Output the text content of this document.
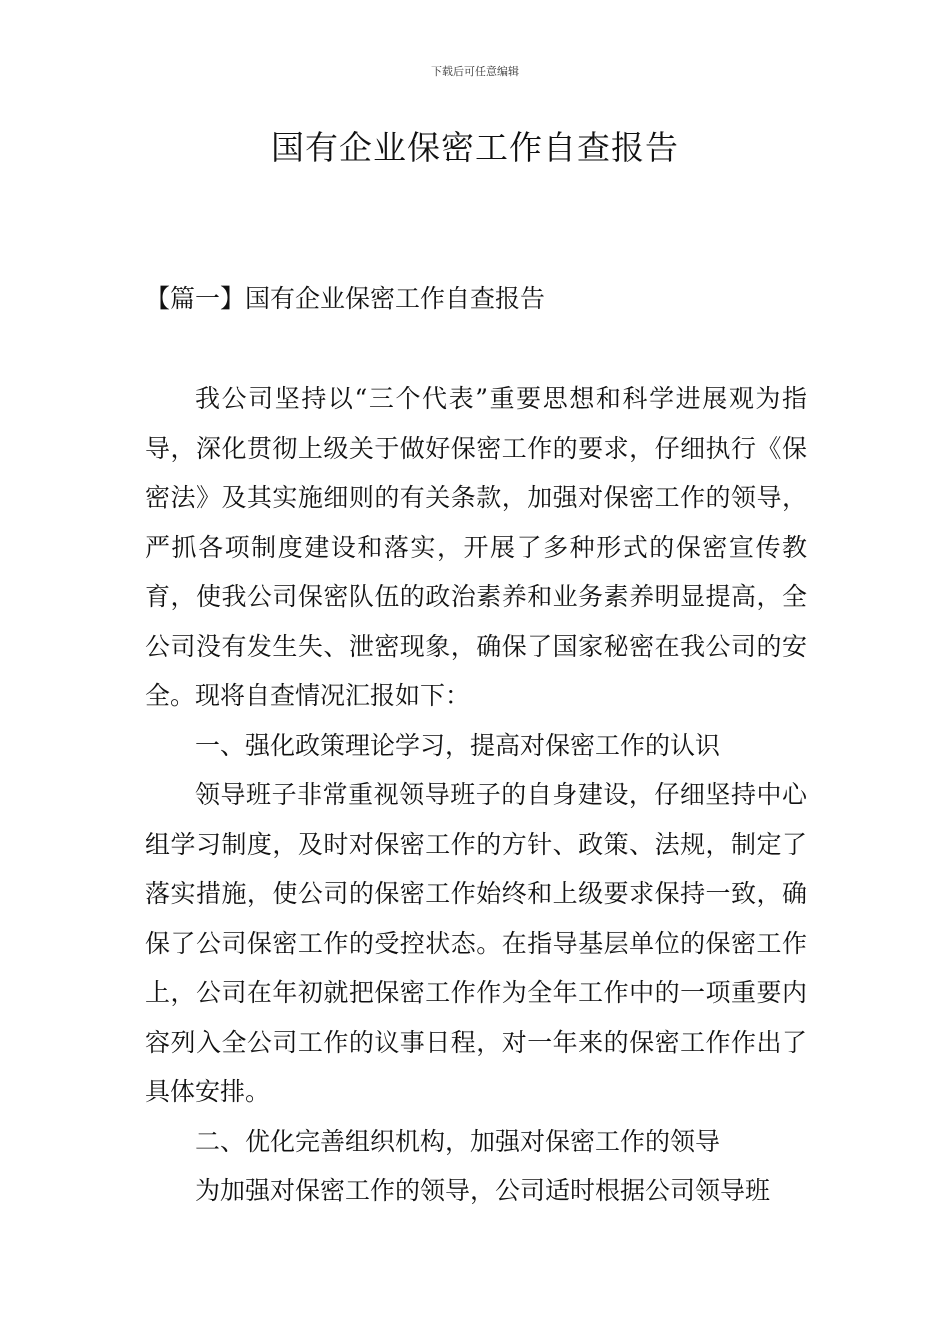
下载后可任意编辑
国有企业保密工作自查报告
【篇一】国有企业保密工作自查报告

我公司坚持以“三个代表”重要思想和科学进展观为指导，深化贯彻上级关于做好保密工作的要求，仔细执行《保密法》及其实施细则的有关条款，加强对保密工作的领导，严抓各项制度建设和落实，开展了多种形式的保密宣传教育，使我公司保密队伍的政治素养和业务素养明显提高，全公司没有发生失、泄密现象，确保了国家秘密在我公司的安全。现将自查情况汇报如下：

一、强化政策理论学习，提高对保密工作的认识

领导班子非常重视领导班子的自身建设，仔细坚持中心组学习制度，及时对保密工作的方针、政策、法规，制定了落实措施，使公司的保密工作始终和上级要求保持一致，确保了公司保密工作的受控状态。在指导基层单位的保密工作上，公司在年初就把保密工作作为全年工作中的一项重要内容列入全公司工作的议事日程，对一年来的保密工作作出了具体安排。

二、优化完善组织机构，加强对保密工作的领导

为加强对保密工作的领导，公司适时根据公司领导班
